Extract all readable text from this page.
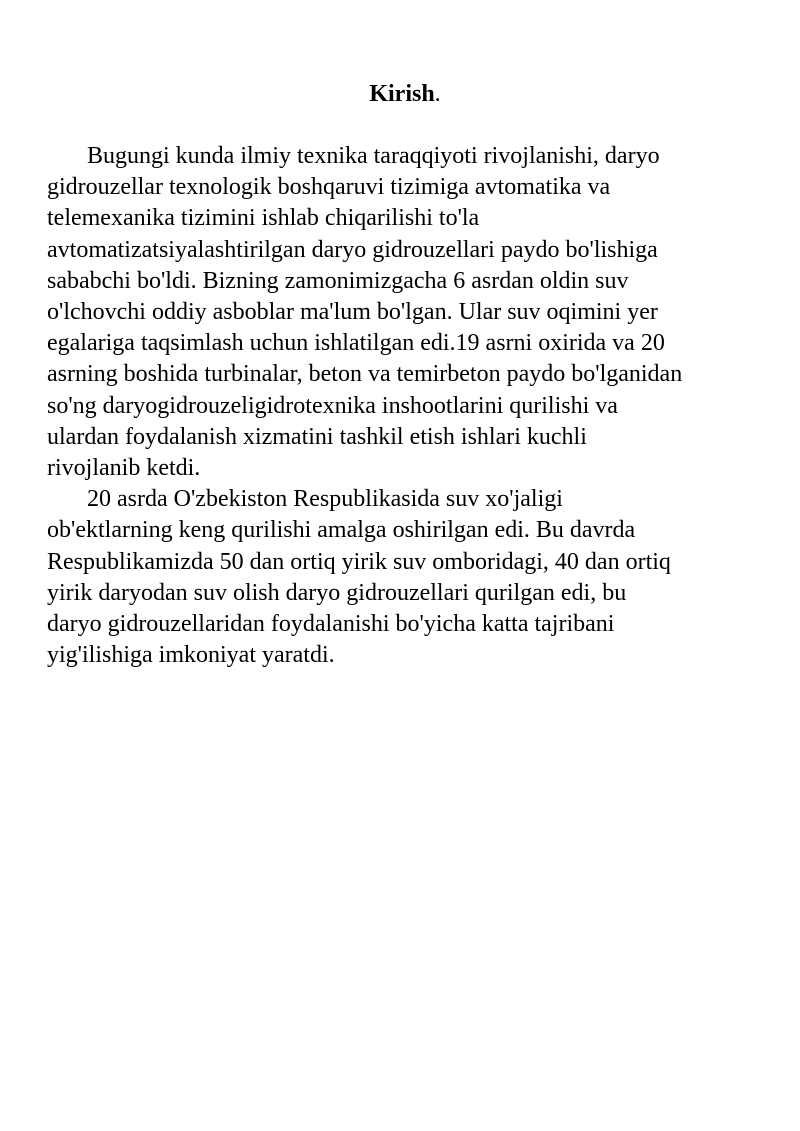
Kirish.

Bugungi kunda ilmiy texnika taraqqiyoti rivojlanishi, daryo
gidrouzellar texnologik boshqaruvi tizimiga avtomatika va
telemexanika tizimini ishlab chiqarilishi to'la
avtomatizatsiyalashtirilgan daryo gidrouzellari paydo bo'lishiga
sababchi bo'ldi. Bizning zamonimizgacha 6 asrdan oldin suv
o'lchovchi oddiy asboblar ma'lum bo'lgan. Ular suv oqimini yer
egalariga taqsimlash uchun ishlatilgan edi.19 asrni oxirida va 20
asrning boshida turbinalar, beton va temirbeton paydo bo'lganidan
so'ng daryogidrouzeligidrotexnika inshootlarini qurilishi va
ulardan foydalanish xizmatini tashkil etish ishlari kuchli
rivojlanib ketdi.

20 asrda O'zbekiston Respublikasida suv xo'jaligi
ob'ektlarning keng qurilishi amalga oshirilgan edi. Bu davrda
Respublikamizda 50 dan ortiq yirik suv omboridagi, 40 dan ortiq
yirik daryodan suv olish daryo gidrouzellari qurilgan edi, bu
daryo gidrouzellaridan foydalanishi bo'yicha katta tajribani
yig'ilishiga imkoniyat yaratdi.
